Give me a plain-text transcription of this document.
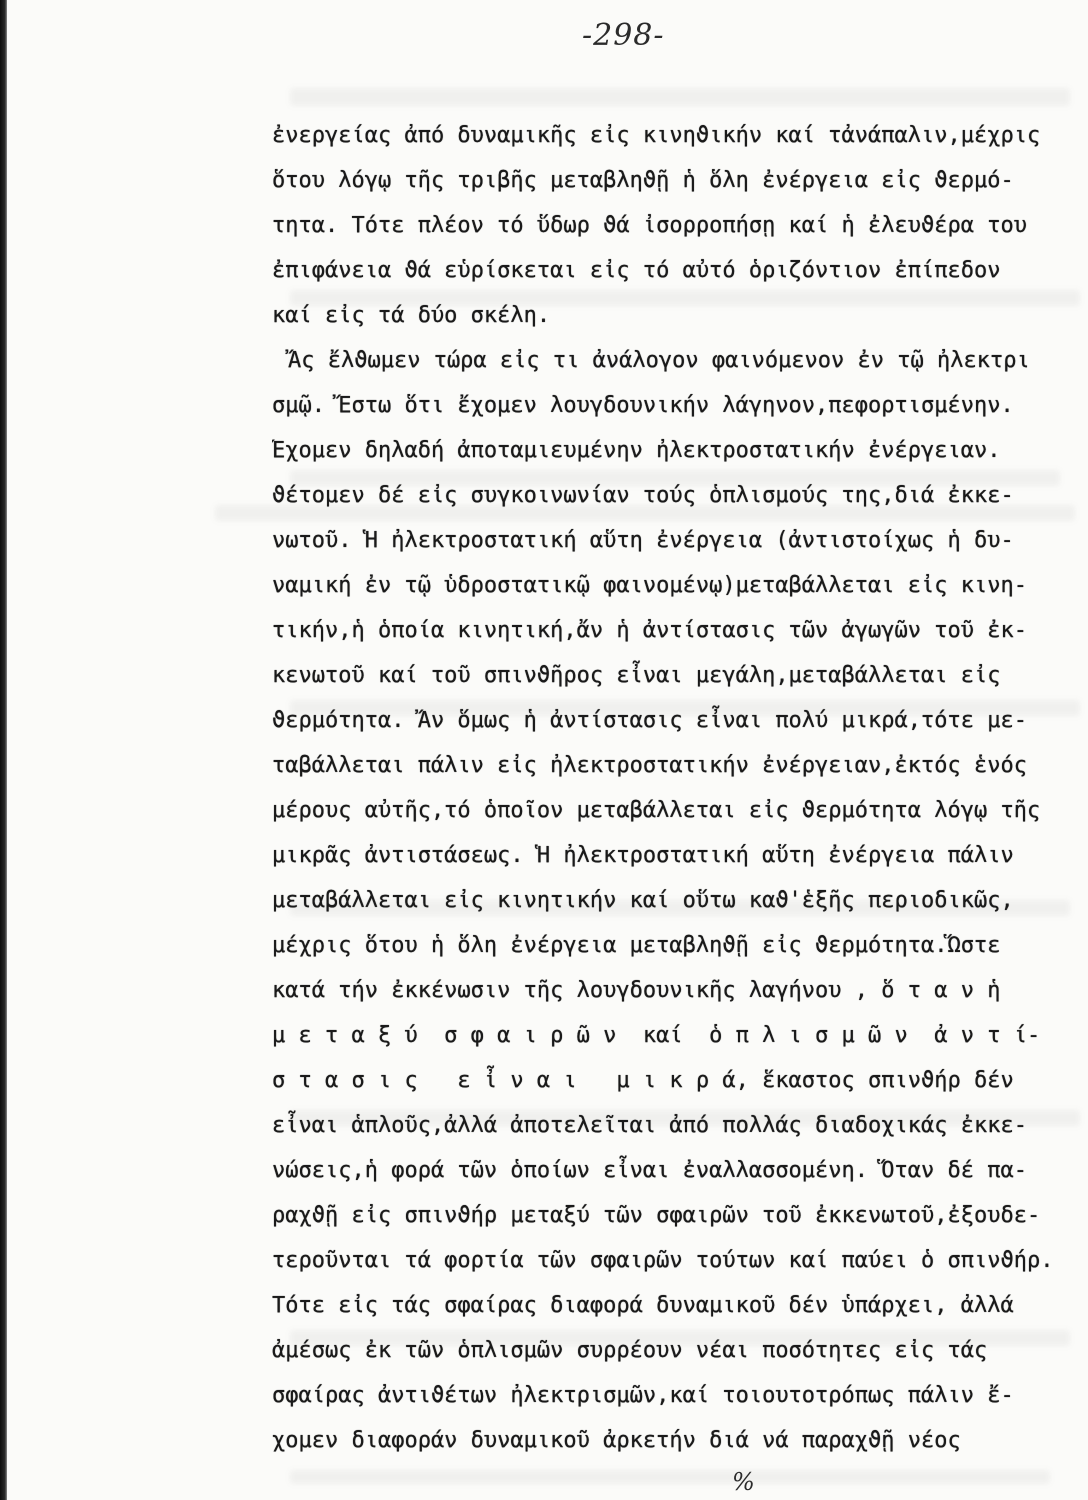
-298-
ἐνεργείας ἀπό δυναμικῆς εἰς κινηϑικήν καί τἀνάπαλιν,μέχρις
ὅτου λόγῳ τῆς τριβῆς μεταβληϑῇ ἡ ὅλη ἐνέργεια εἰς ϑερμό-
τητα. Τότε πλέον τό ὕδωρ ϑά ἰσορροπήσῃ καί ἡ ἐλευϑέρα του
ἐπιφάνεια ϑά εὑρίσκεται εἰς τό αὐτό ὁριζόντιον ἐπίπεδον
καί εἰς τά δύο σκέλη.
Ἄς ἔλϑωμεν τώρα εἰς τι ἀνάλογον φαινόμενον ἐν τῷ ἠλεκτρι
σμῷ. Ἔστω ὅτι ἔχομεν λουγδουνικήν λάγηνον,πεφορτισμένην.
Ἔχομεν δηλαδή ἀποταμιευμένην ἠλεκτροστατικήν ἐνέργειαν.
ϑέτομεν δέ εἰς συγκοινωνίαν τούς ὁπλισμούς της,διά ἐκκε-
νωτοῦ. Ἡ ἠλεκτροστατική αὕτη ἐνέργεια (ἀντιστοίχως ἡ δυ-
ναμική ἐν τῷ ὑδροστατικῷ φαινομένῳ)μεταβάλλεται εἰς κινη-
τικήν,ἡ ὁποία κινητική,ἄν ἡ ἀντίστασις τῶν ἀγωγῶν τοῦ ἐκ-
κενωτοῦ καί τοῦ σπινϑῆρος εἶναι μεγάλη,μεταβάλλεται εἰς
ϑερμότητα. Ἄν ὅμως ἡ ἀντίστασις εἶναι πολύ μικρά,τότε με-
ταβάλλεται πάλιν εἰς ἠλεκτροστατικήν ἐνέργειαν,ἐκτός ἑνός
μέρους αὐτῆς,τό ὁποῖον μεταβάλλεται εἰς ϑερμότητα λόγῳ τῆς
μικρᾶς ἀντιστάσεως. Ἡ ἠλεκτροστατική αὕτη ἐνέργεια πάλιν
μεταβάλλεται εἰς κινητικήν καί οὕτω καϑ'ἑξῆς περιοδικῶς,
μέχρις ὅτου ἡ ὅλη ἐνέργεια μεταβληϑῇ εἰς ϑερμότητα.Ὥστε
κατά τήν ἐκκένωσιν τῆς λουγδουνικῆς λαγήνου , ὅ τ α ν ἡ
μ ε τ α ξ ύ  σ φ α ι ρ ῶ ν  καί  ὁ π λ ι σ μ ῶ ν  ἀ ν τ ί-
σ τ α σ ι ς   ε ἶ ν α ι   μ ι κ ρ ά, ἕκαστος σπινϑήρ δέν
εἶναι ἁπλοῦς,ἀλλά ἀποτελεῖται ἀπό πολλάς διαδοχικάς ἐκκε-
νώσεις,ἡ φορά τῶν ὁποίων εἶναι ἐναλλασσομένη. Ὅταν δέ πα-
ραχϑῇ εἰς σπινϑήρ μεταξύ τῶν σφαιρῶν τοῦ ἐκκενωτοῦ,ἐξουδε-
τεροῦνται τά φορτία τῶν σφαιρῶν τούτων καί παύει ὁ σπινϑήρ.
Τότε εἰς τάς σφαίρας διαφορά δυναμικοῦ δέν ὑπάρχει, ἀλλά
ἀμέσως ἐκ τῶν ὁπλισμῶν συρρέουν νέαι ποσότητες εἰς τάς
σφαίρας ἀντιϑέτων ἠλεκτρισμῶν,καί τοιουτοτρόπως πάλιν ἔ-
χομεν διαφοράν δυναμικοῦ ἀρκετήν διά νά παραχϑῇ νέος
%
